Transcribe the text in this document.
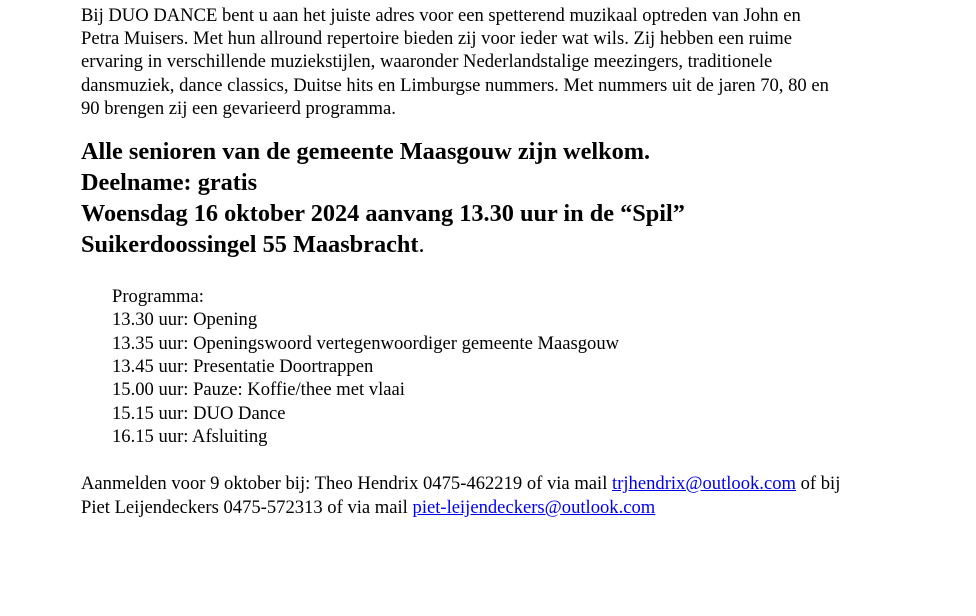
Bij DUO DANCE bent u aan het juiste adres voor een spetterend muzikaal optreden van John en
Petra Muisers. Met hun allround repertoire bieden zij voor ieder wat wils. Zij hebben een ruime
ervaring in verschillende muziekstijlen, waaronder Nederlandstalige meezingers, traditionele
dansmuziek, dance classics, Duitse hits en Limburgse nummers. Met nummers uit de jaren 70, 80 en
90 brengen zij een gevarieerd programma.

Alle senioren van de gemeente Maasgouw zijn welkom.

Deelname: gratis

Woensdag 16 oktober 2024 aanvang 13.30 uur in de “Spil”

Suikerdoossingel 55 Maasbracht.

Programma:

13.30 uur: Opening

13.35 uur: Openingswoord vertegenwoordiger gemeente Maasgouw

13.45 uur: Presentatie Doortrappen

15.00 uur: Pauze: Koffie/thee met vlaai

15.15 uur: DUO Dance

16.15 uur: Afsluiting

Aanmelden voor 9 oktober bij: Theo Hendrix 0475-462219 of via mail trjhendrix@outlook.com of bij

Piet Leijendeckers 0475-572313 of via mail piet-leijendeckers@outlook.com
